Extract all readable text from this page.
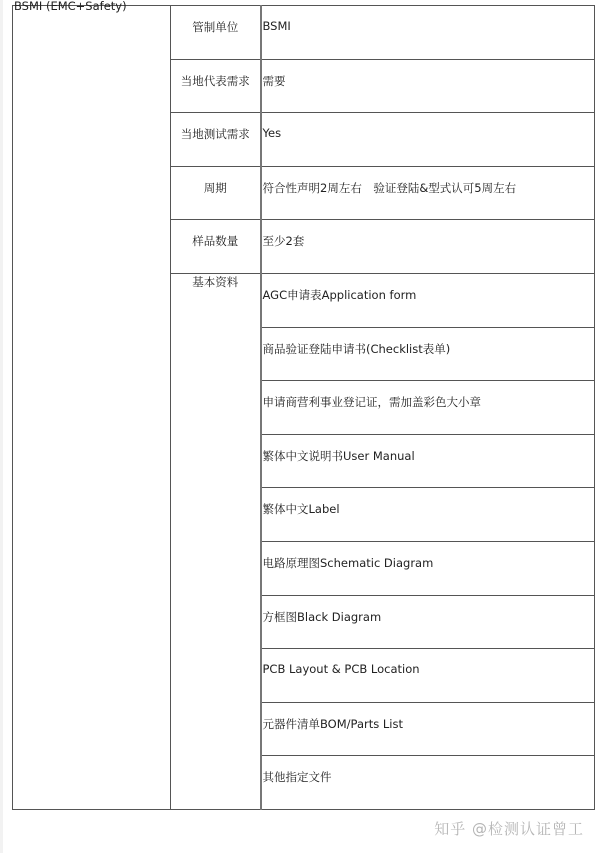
BSMI (EMC+Safety)	管制单位	BSMI

	当地代表需求	需要

	当地测试需求	Yes

	周期	符合性声明2周左右　验证登陆&型式认可5周左右

	样品数量	至少2套

	基本资料	AGC申请表Application form

		商品验证登陆申请书(Checklist表单)

		申请商营利事业登记证，需加盖彩色大小章

		繁体中文说明书User Manual

		繁体中文Label

		电路原理图Schematic Diagram

		方框图Black Diagram

		PCB Layout & PCB Location

		元器件清单BOM/Parts List

		其他指定文件
知乎 @检测认证曾工
